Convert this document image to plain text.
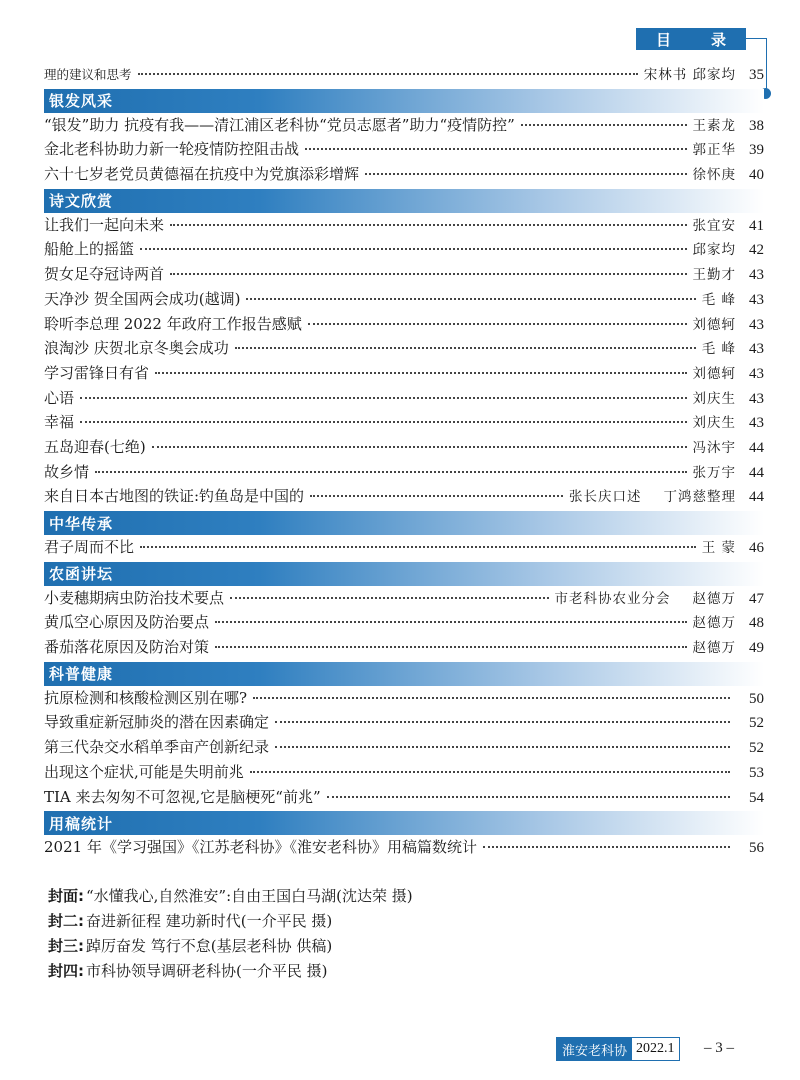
目录
理的建议和思考	宋林书 邱家均 35
银发风采
“银发”助力 抗疫有我——清江浦区老科协“党员志愿者”助力“疫情防控”	王素龙 38
金北老科协助力新一轮疫情防控阻击战	郭正华 39
六十七岁老党员黄德福在抗疫中为党旗添彩增辉	徐怀庚 40
诗文欣赏
让我们一起向未来	张宜安 41
船舱上的摇篮	邱家均 42
贺女足夺冠诗两首	王勤才 43
天净沙 贺全国两会成功(越调)	毛 峰 43
聆听李总理 2022 年政府工作报告感赋	刘德轲 43
浪淘沙 庆贺北京冬奥会成功	毛 峰 43
学习雷锋日有省	刘德轲 43
心语	刘庆生 43
幸福	刘庆生 43
五岛迎春(七绝)	冯沐宇 44
故乡情	张万宇 44
来自日本古地图的铁证:钓鱼岛是中国的	张长庆口述 丁鸿慈整理 44
中华传承
君子周而不比	王 蒙 46
农函讲坛
小麦穗期病虫防治技术要点	市老科协农业分会 赵德万 47
黄瓜空心原因及防治要点	赵德万 48
番茄落花原因及防治对策	赵德万 49
科普健康
抗原检测和核酸检测区别在哪?	50
导致重症新冠肺炎的潜在因素确定	52
第三代杂交水稻单季亩产创新纪录	52
出现这个症状,可能是失明前兆	53
TIA 来去匆匆不可忽视,它是脑梗死“前兆”	54
用稿统计
2021 年《学习强国》《江苏老科协》《淮安老科协》用稿篇数统计	56
封面: “水懂我心,自然淮安”:自由王国白马湖(沈达荣 摄)
封二: 奋进新征程 建功新时代(一介平民 摄)
封三: 踔厉奋发 笃行不怠(基层老科协 供稿)
封四: 市科协领导调研老科协(一介平民 摄)
淮安老科协 2022.1 – 3 –
